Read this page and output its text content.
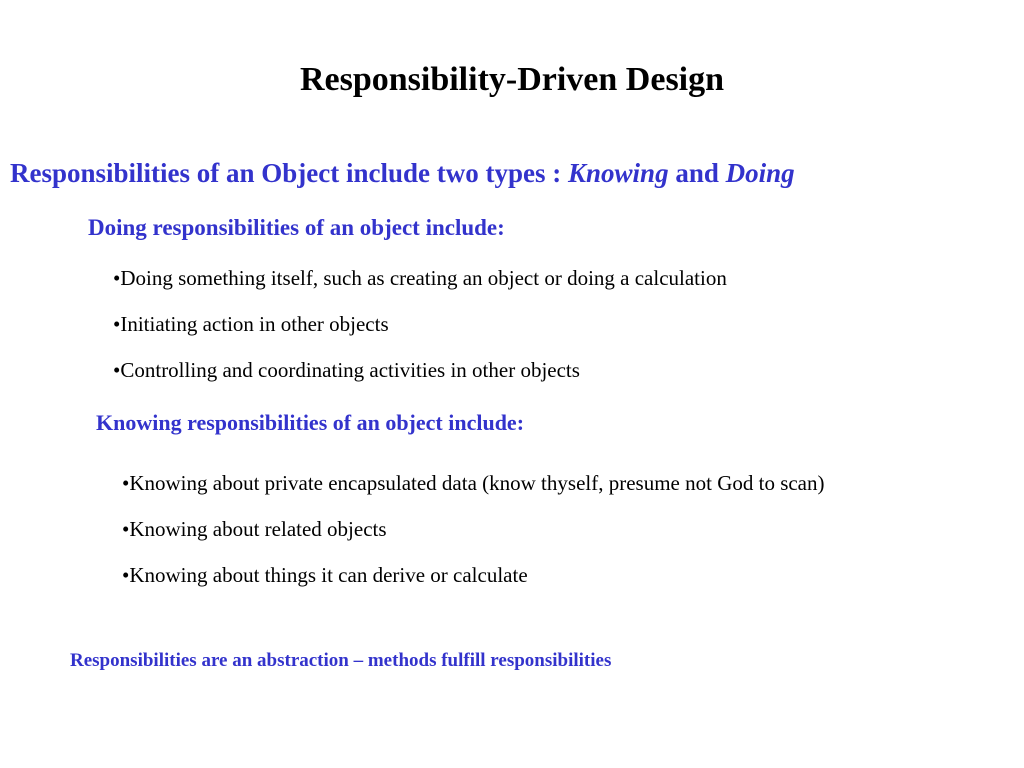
Responsibility-Driven Design

Responsibilities of an Object include two types : Knowing and Doing

Doing responsibilities of an object include:
•Doing something itself, such as creating an object or doing a calculation
•Initiating action in other objects
•Controlling and coordinating activities in other objects
Knowing responsibilities of an object include:
•Knowing about private encapsulated data (know thyself, presume not God to scan)
•Knowing about related objects
•Knowing about things it can derive or calculate
Responsibilities are an abstraction – methods fulfill responsibilities
